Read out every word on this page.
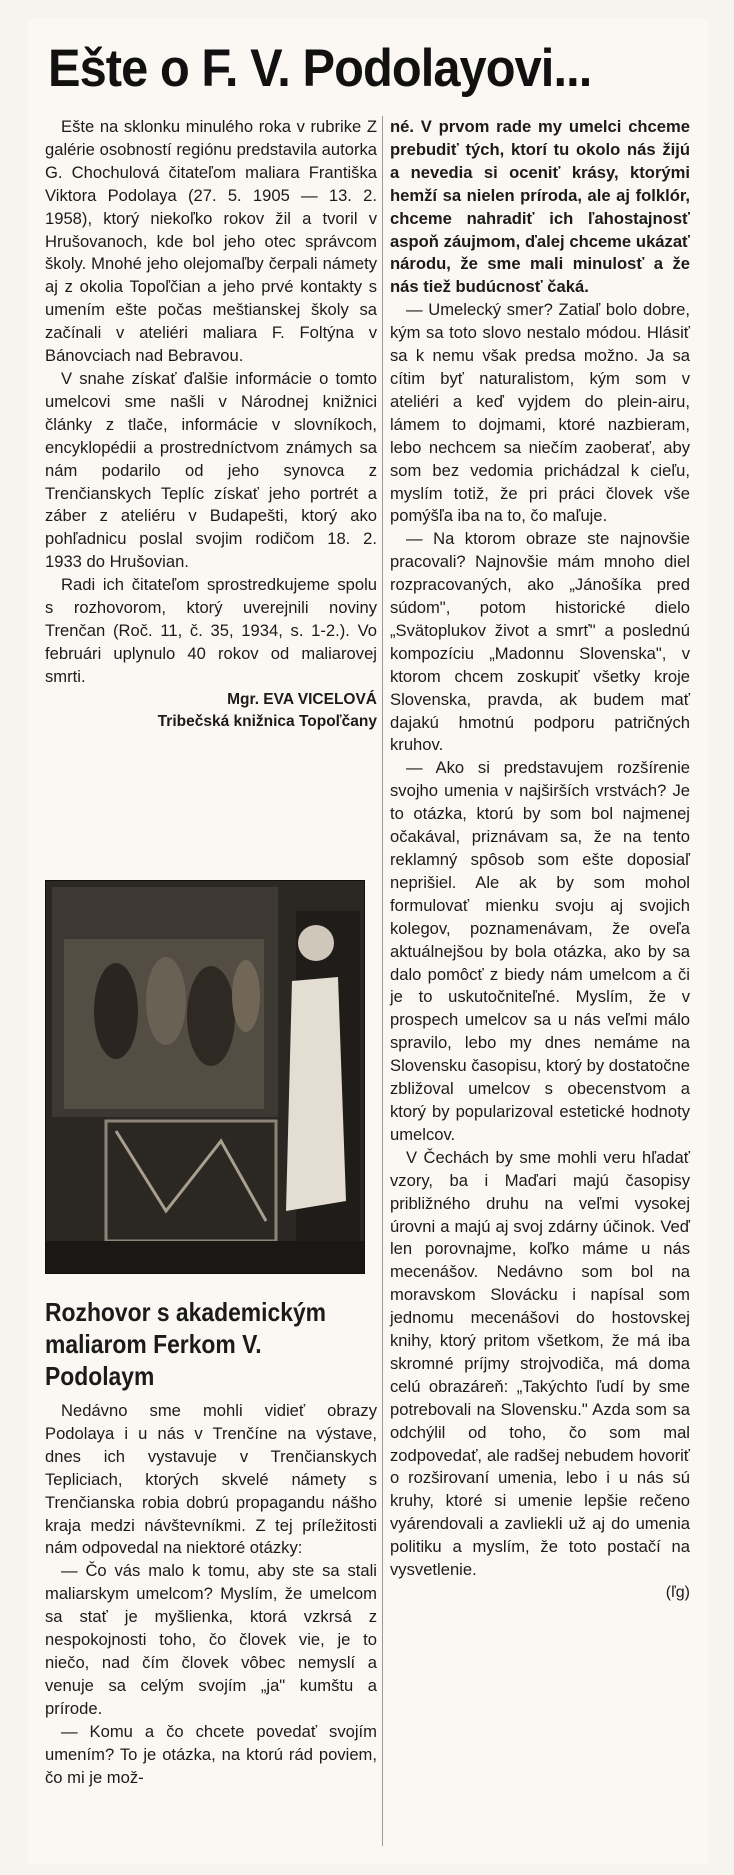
Ešte o F. V. Podolayovi...

Ešte na sklonku minulého roka v rubrike Z galérie osobností regiónu predstavila autorka G. Chochulová čitateľom maliara Františka Viktora Podolaya (27. 5. 1905 — 13. 2. 1958), ktorý niekoľko rokov žil a tvoril v Hrušovanoch, kde bol jeho otec správcom školy. Mnohé jeho olejomaľby čerpali námety aj z okolia Topoľčian a jeho prvé kontakty s umením ešte počas meštianskej školy sa začínali v ateliéri maliara F. Foltýna v Bánovciach nad Bebravou.

V snahe získať ďalšie informácie o tomto umelcovi sme našli v Národnej knižnici články z tlače, informácie v slovníkoch, encyklopédii a prostredníctvom známych sa nám podarilo od jeho synovca z Trenčianskych Teplíc získať jeho portrét a záber z ateliéru v Budapešti, ktorý ako pohľadnicu poslal svojim rodičom 18. 2. 1933 do Hrušovian.

Radi ich čitateľom sprostredkujeme spolu s rozhovorom, ktorý uverejnili noviny Trenčan (Roč. 11, č. 35, 1934, s. 1-2.). Vo februári uplynulo 40 rokov od maliarovej smrti.

Mgr. EVA VICELOVÁ
Tribečská knižnica Topoľčany
Rozhovor s akademickým maliarom Ferkom V. Podolaym

Nedávno sme mohli vidieť obrazy Podolaya i u nás v Trenčíne na výstave, dnes ich vystavuje v Trenčianskych Tepliciach, ktorých skvelé námety s Trenčianska robia dobrú propagandu nášho kraja medzi návštevníkmi. Z tej príležitosti nám odpovedal na niektoré otázky:

— Čo vás malo k tomu, aby ste sa stali maliarskym umelcom? Myslím, že umelcom sa stať je myšlienka, ktorá vzkrsá z nespokojnosti toho, čo človek vie, je to niečo, nad čím človek vôbec nemyslí a venuje sa celým svojím „ja" kumštu a prírode.

— Komu a čo chcete povedať svojím umením? To je otázka, na ktorú rád poviem, čo mi je mož-

né. V prvom rade my umelci chceme prebudiť tých, ktorí tu okolo nás žijú a nevedia si oceniť krásy, ktorými hemží sa nielen príroda, ale aj folklór, chceme nahradiť ich ľahostajnosť aspoň záujmom, ďalej chceme ukázať národu, že sme mali minulosť a že nás tiež budúcnosť čaká.

— Umelecký smer? Zatiaľ bolo dobre, kým sa toto slovo nestalo módou. Hlásiť sa k nemu však predsa možno. Ja sa cítim byť naturalistom, kým som v ateliéri a keď vyjdem do plein-airu, lámem to dojmami, ktoré nazbieram, lebo nechcem sa niečím zaoberať, aby som bez vedomia prichádzal k cieľu, myslím totiž, že pri práci človek vše pomýšľa iba na to, čo maľuje.

— Na ktorom obraze ste najnovšie pracovali? Najnovšie mám mnoho diel rozpracovaných, ako „Jánošíka pred súdom", potom historické dielo „Svätoplukov život a smrť" a poslednú kompozíciu „Madonnu Slovenska", v ktorom chcem zoskupiť všetky kroje Slovenska, pravda, ak budem mať dajakú hmotnú podporu patričných kruhov.

— Ako si predstavujem rozšírenie svojho umenia v najširších vrstvách? Je to otázka, ktorú by som bol najmenej očakával, priznávam sa, že na tento reklamný spôsob som ešte doposiaľ neprišiel. Ale ak by som mohol formulovať mienku svoju aj svojich kolegov, poznamenávam, že oveľa aktuálnejšou by bola otázka, ako by sa dalo pomôcť z biedy nám umelcom a či je to uskutočniteľné. Myslím, že v prospech umelcov sa u nás veľmi málo spravilo, lebo my dnes nemáme na Slovensku časopisu, ktorý by dostatočne zbližoval umelcov s obecenstvom a ktorý by popularizoval estetické hodnoty umelcov.

V Čechách by sme mohli veru hľadať vzory, ba i Maďari majú časopisy približného druhu na veľmi vysokej úrovni a majú aj svoj zdárny účinok. Veď len porovnajme, koľko máme u nás mecenášov. Nedávno som bol na moravskom Slovácku i napísal som jednomu mecenášovi do hostovskej knihy, ktorý pritom všetkom, že má iba skromné príjmy strojvodiča, má doma celú obrazáreň: „Takýchto ľudí by sme potrebovali na Slovensku." Azda som sa odchýlil od toho, čo som mal zodpovedať, ale radšej nebudem hovoriť o rozširovaní umenia, lebo i u nás sú kruhy, ktoré si umenie lepšie rečeno vyárendovali a zavliekli už aj do umenia politiku a myslím, že toto postačí na vysvetlenie.

(ľg)
